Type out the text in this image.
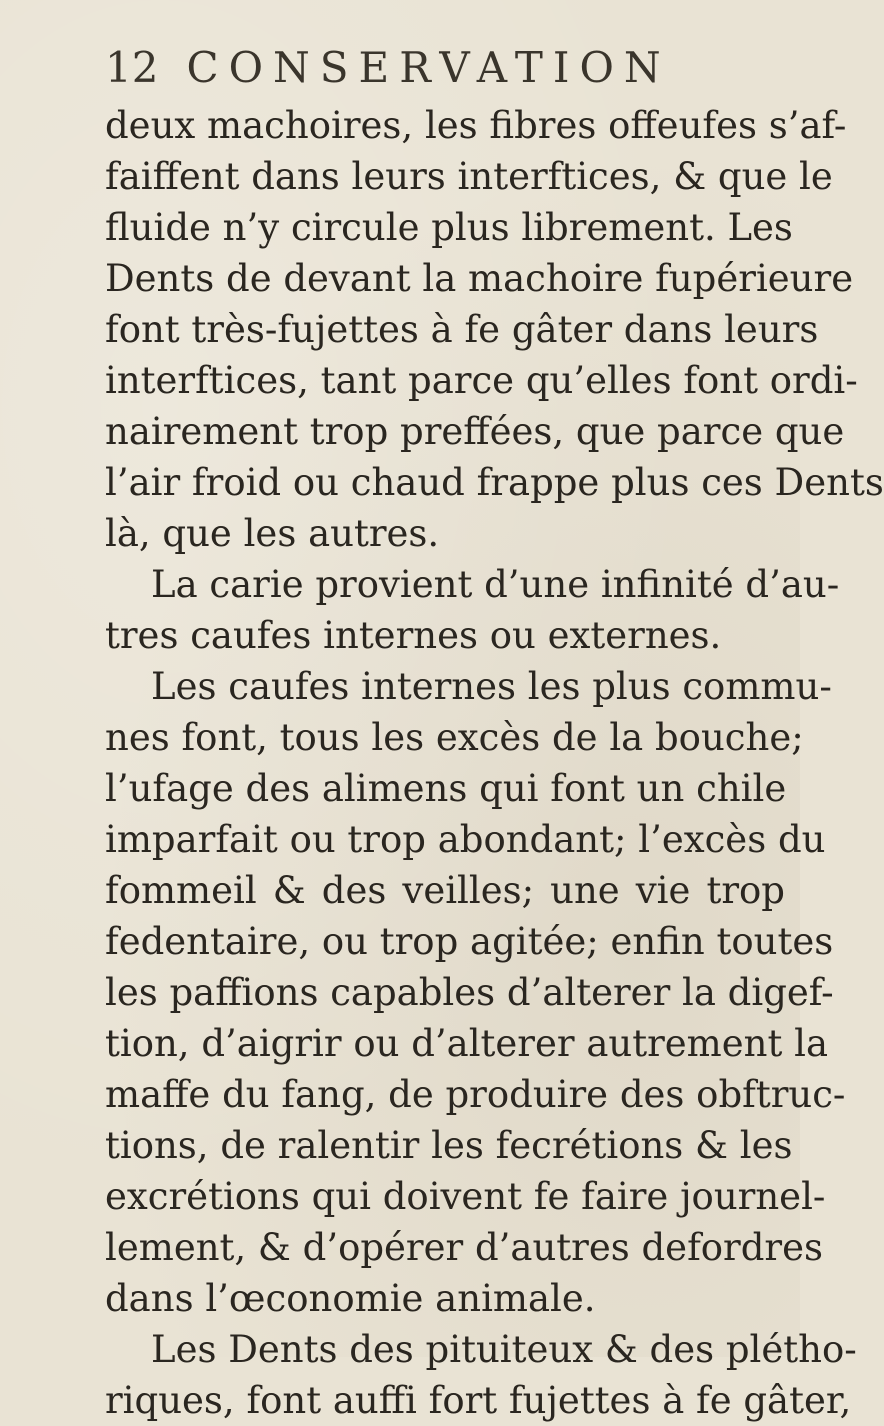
12 CONSERVATION
deux machoires, les fibres offeufes s’af-
faiffent dans leurs interftices, & que le
fluide n’y circule plus librement. Les
Dents de devant la machoire fupérieure
font très-fujettes à fe gâter dans leurs
interftices, tant parce qu’elles font ordi-
nairement trop preffées, que parce que
l’air froid ou chaud frappe plus ces Dents
là, que les autres.
La carie provient d’une infinité d’au-
tres caufes internes ou externes.
Les caufes internes les plus commu-
nes font, tous les excès de la bouche;
l’ufage des alimens qui font un chile
imparfait ou trop abondant; l’excès du
fommeil & des veilles; une vie trop
fedentaire, ou trop agitée; enfin toutes
les paffions capables d’alterer la digef-
tion, d’aigrir ou d’alterer autrement la
maffe du fang, de produire des obftruc-
tions, de ralentir les fecrétions & les
excrétions qui doivent fe faire journel-
lement, & d’opérer d’autres defordres
dans l’œconomie animale.
Les Dents des pituiteux & des plétho-
riques, font auffi fort fujettes à fe gâter,
